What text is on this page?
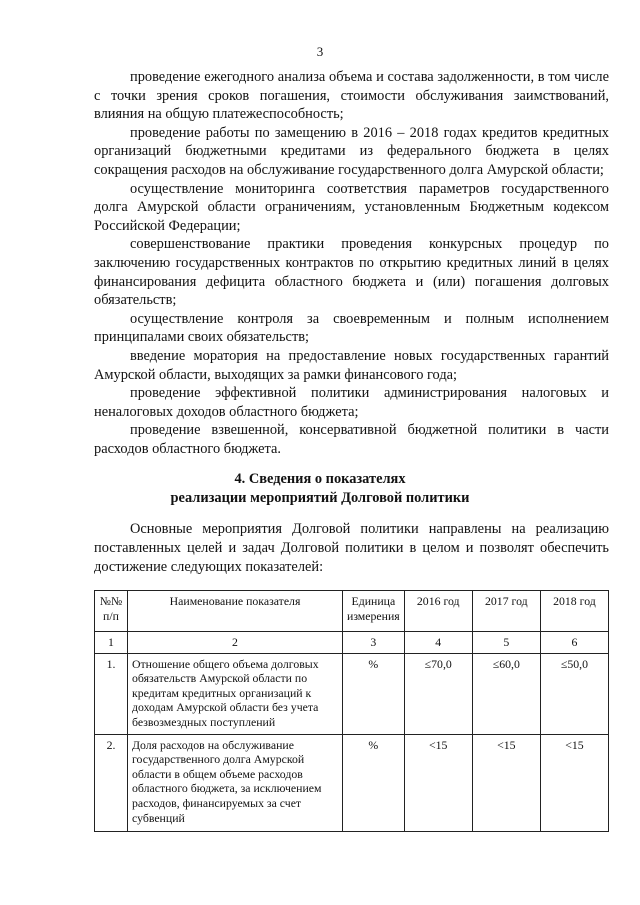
3

проведение ежегодного анализа объема и состава задолженности, в том числе с точки зрения сроков погашения, стоимости обслуживания заимствований, влияния на общую платежеспособность;

проведение работы по замещению в 2016 – 2018 годах кредитов кредитных организаций бюджетными кредитами из федерального бюджета в целях сокращения расходов на обслуживание государственного долга Амурской области;

осуществление мониторинга соответствия параметров государственного долга Амурской области ограничениям, установленным Бюджетным кодексом Российской Федерации;

совершенствование практики проведения конкурсных процедур по заключению государственных контрактов по открытию кредитных линий в целях финансирования дефицита областного бюджета и (или) погашения долговых обязательств;

осуществление контроля за своевременным и полным исполнением принципалами своих обязательств;

введение моратория на предоставление новых государственных гарантий Амурской области, выходящих за рамки финансового года;

проведение эффективной политики администрирования налоговых и неналоговых доходов областного бюджета;

проведение взвешенной, консервативной бюджетной политики в части расходов областного бюджета.

4. Сведения о показателях
реализации мероприятий Долговой политики

Основные мероприятия Долговой политики направлены на реализацию поставленных целей и задач Долговой политики в целом и позволят обеспечить достижение следующих показателей:

№№ п/п	Наименование показателя	Единица измерения	2016 год	2017 год	2018 год
1	2	3	4	5	6
1.	Отношение общего объема долговых обязательств Амурской области по кредитам кредитных организаций к доходам Амурской области без учета безвозмездных поступлений	%	≤70,0	≤60,0	≤50,0
2.	Доля расходов на обслуживание государственного долга Амурской области в общем объеме расходов областного бюджета, за исключением расходов, финансируемых за счет субвенций	%	<15	<15	<15
